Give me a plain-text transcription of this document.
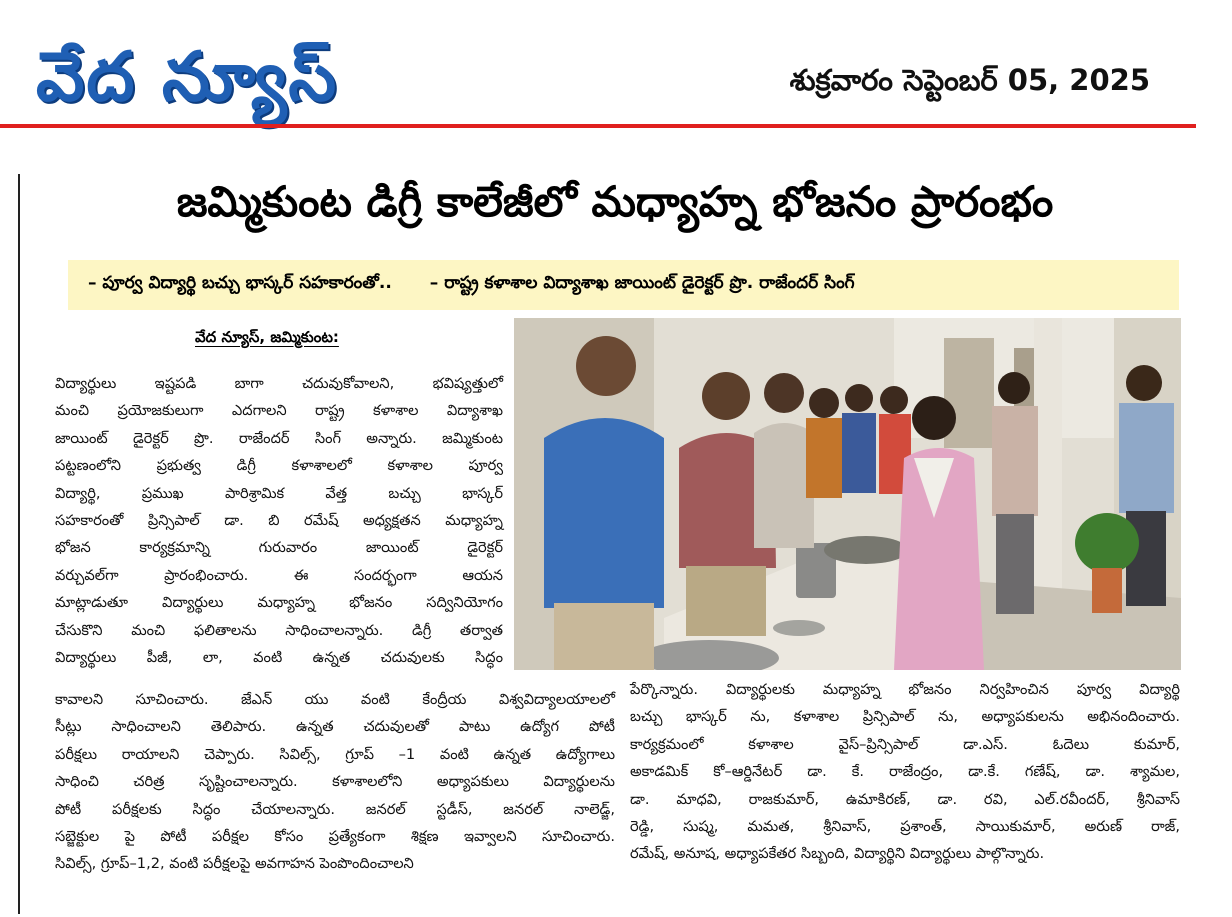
వేద న్యూస్	శుక్రవారం సెప్టెంబర్ 05, 2025
జమ్మికుంట డిగ్రీ కాలేజీలో మధ్యాహ్న భోజనం ప్రారంభం
– పూర్వ విద్యార్థి బచ్చు భాస్కర్ సహకారంతో.. – రాష్ట్ర కళాశాల విద్యాశాఖ జాయింట్ డైరెక్టర్ ప్రొ. రాజేందర్ సింగ్
వేద న్యూస్, జమ్మికుంట:
విద్యార్థులు ఇష్టపడి బాగా చదువుకోవాలని, భవిష్యత్తులో
మంచి ప్రయోజకులుగా ఎదగాలని రాష్ట్ర కళాశాల విద్యాశాఖ
జాయింట్ డైరెక్టర్ ప్రొ. రాజేందర్ సింగ్ అన్నారు. జమ్మికుంట
పట్టణంలోని ప్రభుత్వ డిగ్రీ కళాశాలలో కళాశాల పూర్వ
విద్యార్థి, ప్రముఖ పారిశ్రామిక వేత్త బచ్చు భాస్కర్
సహకారంతో ప్రిన్సిపాల్ డా. బి రమేష్ అధ్యక్షతన మధ్యాహ్న
భోజన కార్యక్రమాన్ని గురువారం జాయింట్ డైరెక్టర్
వర్చువల్‌గా ప్రారంభించారు. ఈ సందర్భంగా ఆయన
మాట్లాడుతూ విద్యార్థులు మధ్యాహ్న భోజనం సద్వినియోగం
చేసుకొని మంచి ఫలితాలను సాధించాలన్నారు. డిగ్రీ తర్వాత
విద్యార్థులు పీజీ, లా, వంటి ఉన్నత చదువులకు సిద్ధం
కావాలని సూచించారు. జేఎన్ యు వంటి కేంద్రీయ విశ్వవిద్యాలయాలలో
సీట్లు సాధించాలని తెలిపారు. ఉన్నత చదువులతో పాటు ఉద్యోగ పోటీ
పరీక్షలు రాయాలని చెప్పారు. సివిల్స్, గ్రూప్ –1 వంటి ఉన్నత ఉద్యోగాలు
సాధించి చరిత్ర సృష్టించాలన్నారు. కళాశాలలోని అధ్యాపకులు విద్యార్థులను
పోటీ పరీక్షలకు సిద్ధం చేయాలన్నారు. జనరల్ స్టడీస్, జనరల్ నాలెడ్జ్,
సబ్జెక్టుల పై పోటీ పరీక్షల కోసం ప్రత్యేకంగా శిక్షణ ఇవ్వాలని సూచించారు.
సివిల్స్, గ్రూప్–1,2, వంటి పరీక్షలపై అవగాహన పెంపొందించాలని
పేర్కొన్నారు. విద్యార్థులకు మధ్యాహ్న భోజనం నిర్వహించిన పూర్వ విద్యార్థి
బచ్చు భాస్కర్ ను, కళాశాల ప్రిన్సిపాల్ ను, అధ్యాపకులను అభినందించారు.
కార్యక్రమంలో కళాశాల వైస్–ప్రిన్సిపాల్ డా.ఎస్. ఓదెలు కుమార్,
అకాడమిక్ కో–ఆర్డినేటర్ డా. కే. రాజేంద్రం, డా.కే. గణేష్, డా. శ్యామల,
డా. మాధవి, రాజకుమార్, ఉమాకిరణ్, డా. రవి, ఎల్.రవీందర్, శ్రీనివాస్
రెడ్డి, సుష్మ, మమత, శ్రీనివాస్, ప్రశాంత్, సాయికుమార్, అరుణ్ రాజ్,
రమేష్, అనూష, అధ్యాపకేతర సిబ్బంది, విద్యార్థిని విద్యార్థులు పాల్గొన్నారు.
